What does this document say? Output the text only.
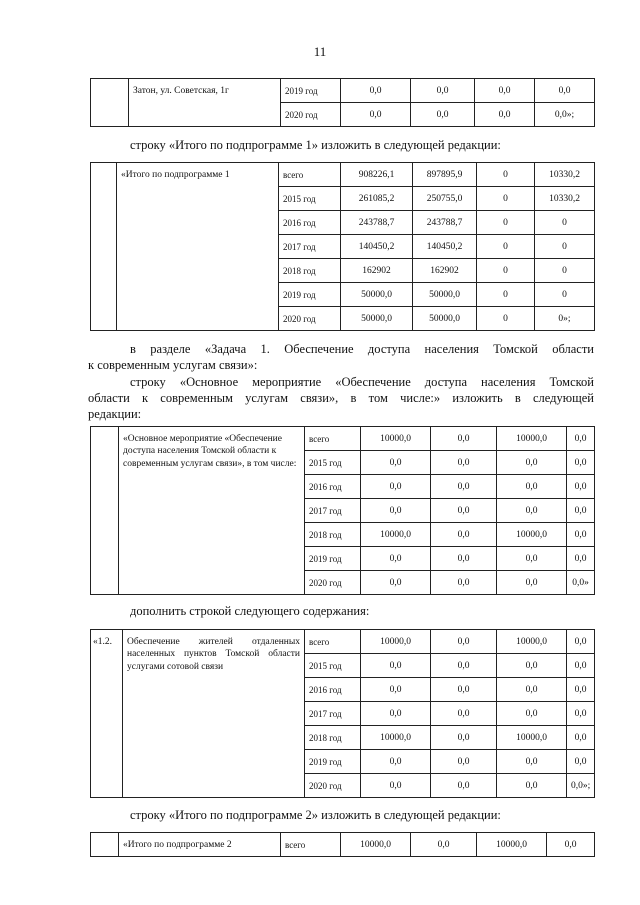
11
	Затон, ул. Советская, 1г	2019 год	0,0	0,0	0,0	0,0
		2020 год	0,0	0,0	0,0	0,0»;
строку «Итого по подпрограмме 1» изложить в следующей редакции:
	«Итого по подпрограмме 1	всего	908226,1	897895,9	0	10330,2
		2015 год	261085,2	250755,0	0	10330,2
		2016 год	243788,7	243788,7	0	0
		2017 год	140450,2	140450,2	0	0
		2018 год	162902	162902	0	0
		2019 год	50000,0	50000,0	0	0
		2020 год	50000,0	50000,0	0	0»;
в разделе «Задача 1. Обеспечение доступа населения Томской области
к современным услугам связи»:
строку «Основное мероприятие «Обеспечение доступа населения Томской
области к современным услугам связи», в том числе:» изложить в следующей
редакции:
	«Основное мероприятие «Обеспечение доступа населения Томской области к современным услугам связи», в том числе:	всего	10000,0	0,0	10000,0	0,0
		2015 год	0,0	0,0	0,0	0,0
		2016 год	0,0	0,0	0,0	0,0
		2017 год	0,0	0,0	0,0	0,0
		2018 год	10000,0	0,0	10000,0	0,0
		2019 год	0,0	0,0	0,0	0,0
		2020 год	0,0	0,0	0,0	0,0»
дополнить строкой следующего содержания:
«1.2.	Обеспечение жителей отдаленных населенных пунктов Томской области услугами сотовой связи	всего	10000,0	0,0	10000,0	0,0
		2015 год	0,0	0,0	0,0	0,0
		2016 год	0,0	0,0	0,0	0,0
		2017 год	0,0	0,0	0,0	0,0
		2018 год	10000,0	0,0	10000,0	0,0
		2019 год	0,0	0,0	0,0	0,0
		2020 год	0,0	0,0	0,0	0,0»;
строку «Итого по подпрограмме 2» изложить в следующей редакции:
	«Итого по подпрограмме 2	всего	10000,0	0,0	10000,0	0,0
